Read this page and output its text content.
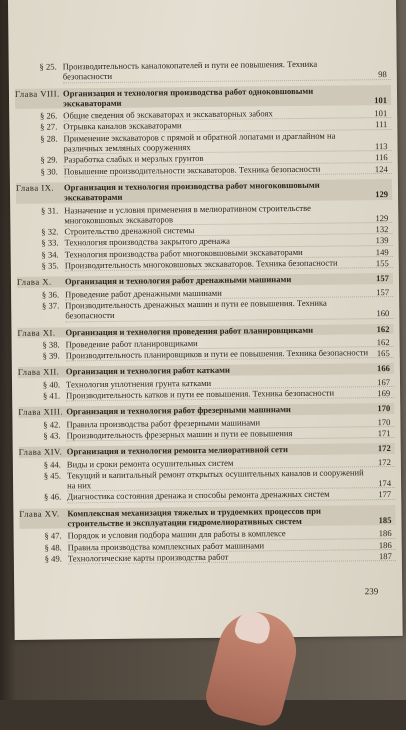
§ 25. Производительность каналокопателей и пути ее повышения. Техника безопасности	98
Глава VIII. Организация и технология производства работ одноковшовыми экскаваторами	101
§ 26. Общие сведения об экскаваторах и экскаваторных забоях	101
§ 27. Отрывка каналов экскаваторами	111
§ 28. Применение экскаваторов с прямой и обратной лопатами и драглайном на различных земляных сооружениях	113
§ 29. Разработка слабых и мерзлых грунтов	116
§ 30. Повышение производительности экскаваторов. Техника безопасности	124
Глава IX.	Организация и технология производства работ многоковшовыми экскаваторами	129
§ 31. Назначение и условия применения в мелиоративном строительстве многоковшовых экскаваторов	129
§ 32. Строительство дренажной системы	132
§ 33. Технология производства закрытого дренажа	139
§ 34. Технология производства работ многоковшовыми экскаваторами	149
§ 35. Производительность многоковшовых экскаваторов. Техника безопасности	155
Глава X.	Организация и технология работ дренажными машинами	157
§ 36. Проведение работ дренажными машинами	157
§ 37. Производительность дренажных машин и пути ее повышения. Техника безопасности	160
Глава XI.	Организация и технология проведения работ планировщиками	162
§ 38. Проведение работ планировщиками	162
§ 39. Производительность планировщиков и пути ее повышения. Техника безопасности	165
Глава XII. Организация и технология работ катками	166
§ 40. Технология уплотнения грунта катками	167
§ 41. Производительность катков и пути ее повышения. Техника безопасности	169
Глава XIII. Организация и технология работ фрезерными машинами	170
§ 42. Правила производства работ фрезерными машинами	170
§ 43. Производительность фрезерных машин и пути ее повышения	171
Глава XIV. Организация и технология ремонта мелиоративной сети	172
§ 44. Виды и сроки ремонта осушительных систем	172
§ 45. Текущий и капитальный ремонт открытых осушительных каналов и сооружений на них	174
§ 46. Диагностика состояния дренажа и способы ремонта дренажных систем	177
Глава XV. Комплексная механизация тяжелых и трудоемких процессов при строительстве и эксплуатации гидромелиоративных систем	185
§ 47. Порядок и условия подбора машин для работы в комплексе	186
§ 48. Правила производства комплексных работ машинами	186
§ 49. Технологические карты производства работ	187
239
